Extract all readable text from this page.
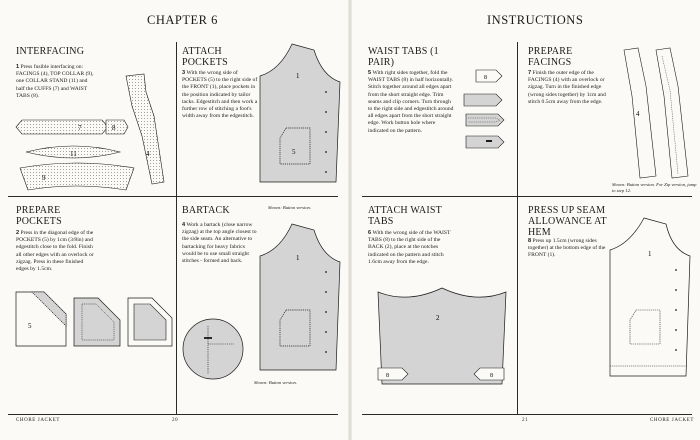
CHAPTER 6	INSTRUCTIONS
INTERFACING
1 Press fusible interfacing on: FACINGS (4), TOP COLLAR (9), one COLLAR STAND (11) and half the CUFFS (7) and WAIST TABS (8).
7	8
11
9
4
ATTACH POCKETS
3 With the wrong side of POCKETS (5) to the right side of the FRONT (1), place pockets in the position indicated by tailor tacks. Edgestitch and then work a further row of stitching a foot's width away from the edgestitch.
1
5
Shown: Button version.
PREPARE POCKETS
2 Press in the diagonal edge of the POCKETS (5) by 1cm (3/8in) and edgestitch close to the fold. Finish all other edges with an overlock or zigzag. Press in these finished edges by 1.5cm.
5
BARTACK
4 Work a bartack (close narrow zigzag) at the top angle closest to the side seam. An alternative to bartacking for heavy fabrics would be to use small straight stitches - formed and back.	1
Shown: Button version.
WAIST TABS (1 PAIR)
5 With right sides together, fold the WAIST TABS (8) in half horizontally. Stitch together around all edges apart from the short straight edge. Trim seams and clip corners. Turn through to the right side and edgestitch around all edges apart from the short straight edge. Work button hole where indicated on the pattern.
8
PREPARE FACINGS
7 Finish the outer edge of the FACINGS (4) with an overlock or zigzag. Turn in the finished edge (wrong sides together) by 1cm and stitch 0.5cm away from the edge.
4
Shown: Button version. For Zip version, jump to step 12.
ATTACH WAIST TABS
6 With the wrong side of the WAIST TABS (8) to the right side of the BACK (2), place at the notches indicated on the pattern and stitch 1.6cm away from the edge.
2
8	8
PRESS UP SEAM ALLOWANCE AT HEM
8 Press up 1.5cm (wrong sides together) at the bottom edge of the FRONT (1).	1
CHORE JACKET	20	21	CHORE JACKET
